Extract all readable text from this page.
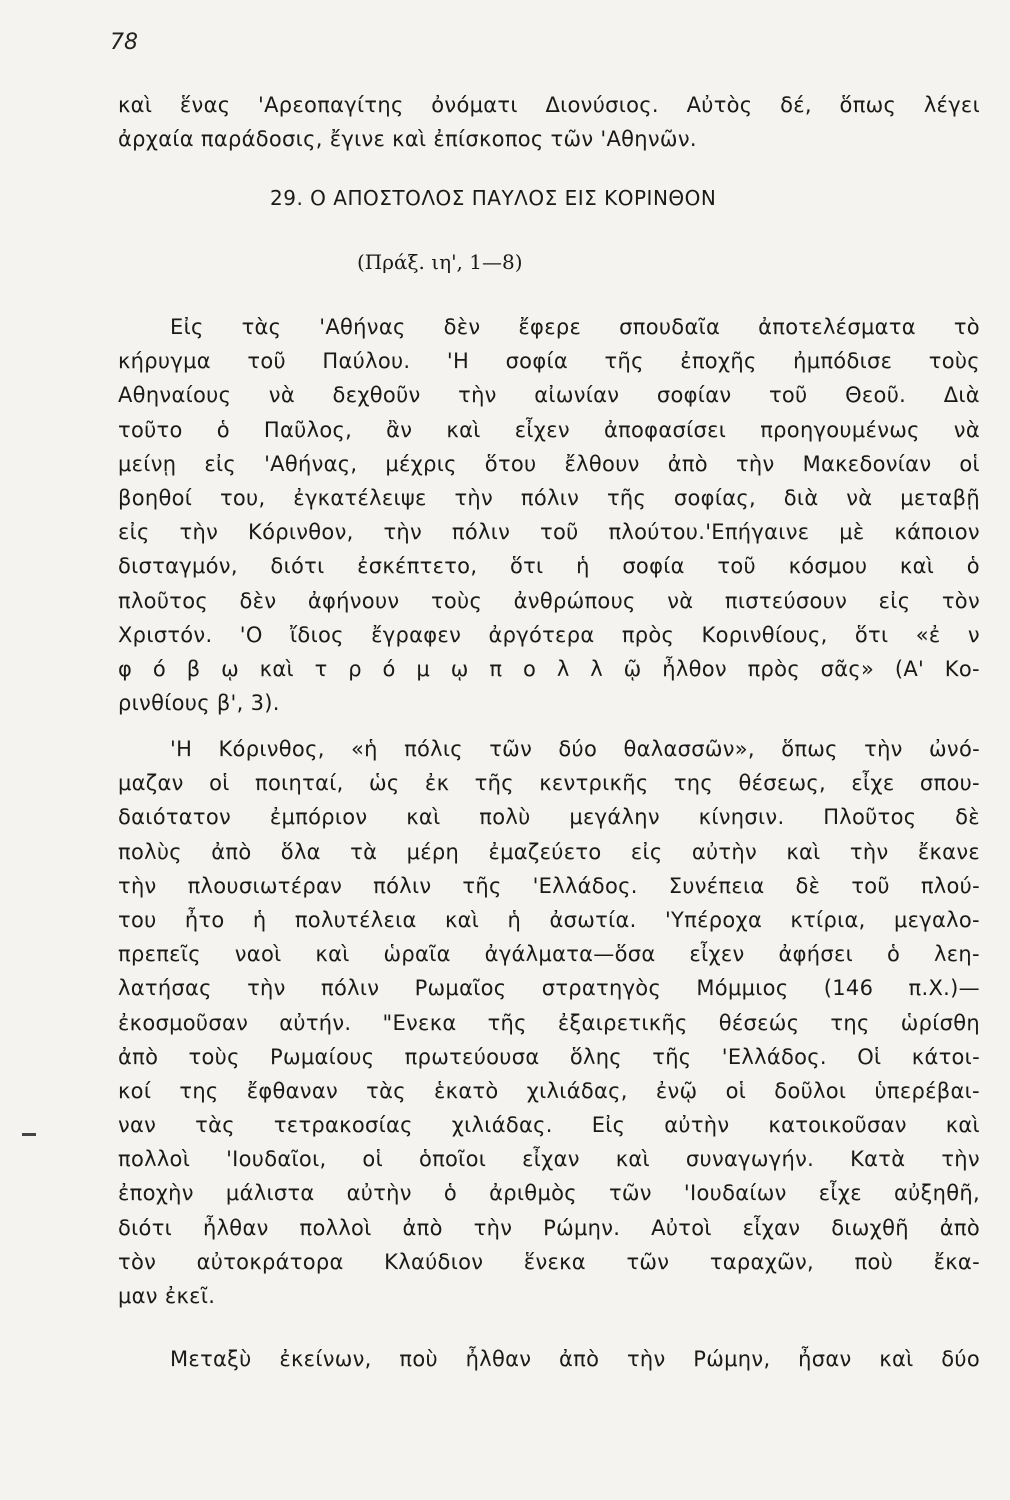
78
καὶ ἕνας 'Αρεοπαγίτης ὀνόματι Διονύσιος. Αὐτὸς δέ, ὅπως λέγει
ἀρχαία παράδοσις, ἔγινε καὶ ἐπίσκοπος τῶν 'Αθηνῶν.
29. Ο ΑΠΟΣΤΟΛΟΣ ΠΑΥΛΟΣ ΕΙΣ ΚΟΡΙΝΘΟΝ
(Πράξ. ιη', 1—8)
Εἰς τὰς 'Αθήνας δὲν ἔφερε σπουδαῖα ἀποτελέσματα τὸ
κήρυγμα τοῦ Παύλου. 'Η σοφία τῆς ἐποχῆς ἠμπόδισε τοὺς
Αθηναίους νὰ δεχθοῦν τὴν αἰωνίαν σοφίαν τοῦ Θεοῦ. Διὰ
τοῦτο ὁ Παῦλος, ἂν καὶ εἶχεν ἀποφασίσει προηγουμένως νὰ
μείνῃ εἰς 'Αθήνας, μέχρις ὅτου ἔλθουν ἀπὸ τὴν Μακεδονίαν οἱ
βοηθοί του, ἐγκατέλειψε τὴν πόλιν τῆς σοφίας, διὰ νὰ μεταβῇ
εἰς τὴν Κόρινθον, τὴν πόλιν τοῦ πλούτου.'Επήγαινε μὲ κάποιον
δισταγμόν, διότι ἐσκέπτετο, ὅτι ἡ σοφία τοῦ κόσμου καὶ ὁ
πλοῦτος δὲν ἀφήνουν τοὺς ἀνθρώπους νὰ πιστεύσουν εἰς τὸν
Χριστόν. 'Ο ἴδιος ἔγραφεν ἀργότερα πρὸς Κορινθίους, ὅτι «ἐ ν
φ ό β ῳ καὶ τ ρ ό μ ῳ π ο λ λ ῷ ἦλθον πρὸς σᾶς» (Α' Κο-
ρινθίους β', 3).
'Η Κόρινθος, «ἡ πόλις τῶν δύο θαλασσῶν», ὅπως τὴν ὠνό-
μαζαν οἱ ποιηταί, ὡς ἐκ τῆς κεντρικῆς της θέσεως, εἶχε σπου-
δαιότατον ἐμπόριον καὶ πολὺ μεγάλην κίνησιν. Πλοῦτος δὲ
πολὺς ἀπὸ ὅλα τὰ μέρη ἐμαζεύετο εἰς αὐτὴν καὶ τὴν ἔκανε
τὴν πλουσιωτέραν πόλιν τῆς 'Ελλάδος. Συνέπεια δὲ τοῦ πλού-
του ἦτο ἡ πολυτέλεια καὶ ἡ ἀσωτία. 'Υπέροχα κτίρια, μεγαλο-
πρεπεῖς ναοὶ καὶ ὡραῖα ἀγάλματα—ὅσα εἶχεν ἀφήσει ὁ λεη-
λατήσας τὴν πόλιν Ρωμαῖος στρατηγὸς Μόμμιος (146 π.Χ.)—
ἐκοσμοῦσαν αὐτήν. "Ενεκα τῆς ἐξαιρετικῆς θέσεώς της ὡρίσθη
ἀπὸ τοὺς Ρωμαίους πρωτεύουσα ὅλης τῆς 'Ελλάδος. Οἱ κάτοι-
κοί της ἔφθαναν τὰς ἑκατὸ χιλιάδας, ἐνῷ οἱ δοῦλοι ὑπερέβαι-
ναν τὰς τετρακοσίας χιλιάδας. Εἰς αὐτὴν κατοικοῦσαν καὶ
πολλοὶ 'Ιουδαῖοι, οἱ ὁποῖοι εἶχαν καὶ συναγωγήν. Κατὰ τὴν
ἐποχὴν μάλιστα αὐτὴν ὁ ἀριθμὸς τῶν 'Ιουδαίων εἶχε αὐξηθῆ,
διότι ἦλθαν πολλοὶ ἀπὸ τὴν Ρώμην. Αὐτοὶ εἶχαν διωχθῆ ἀπὸ
τὸν αὐτοκράτορα Κλαύδιον ἕνεκα τῶν ταραχῶν, ποὺ ἔκα-
μαν ἐκεῖ.
Μεταξὺ ἐκείνων, ποὺ ἦλθαν ἀπὸ τὴν Ρώμην, ἦσαν καὶ δύο
